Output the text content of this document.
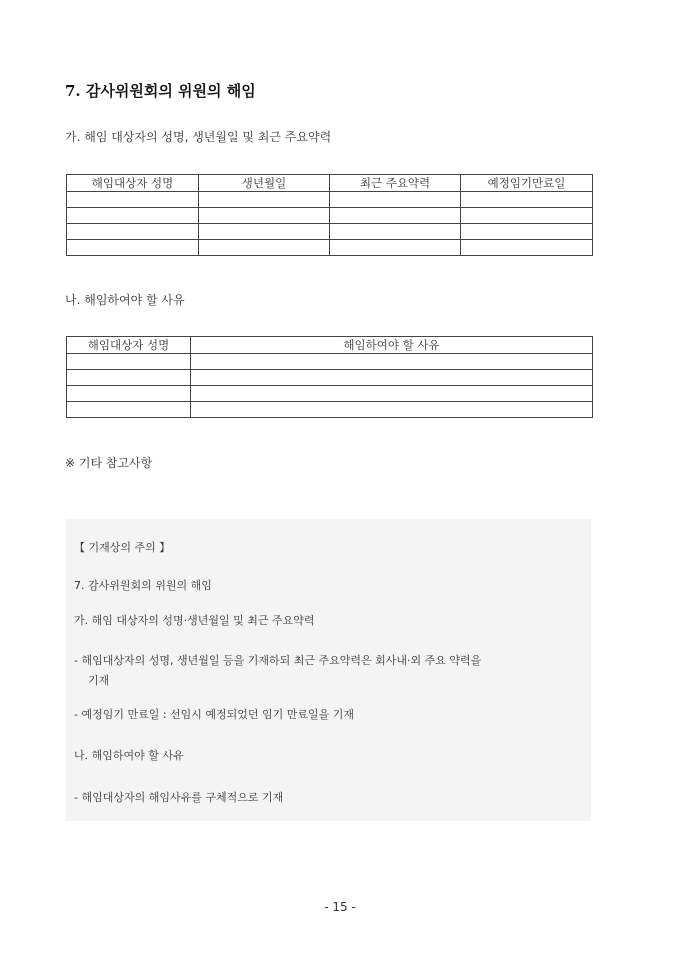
7. 감사위원회의 위원의 해임
가. 해임 대상자의 성명, 생년월일 및 최근 주요약력
해임대상자 성명	생년월일	최근 주요약력	예정임기만료일

나. 해임하여야 할 사유
해임대상자 성명	해임하여야 할 사유

※ 기타 참고사항
【 기재상의 주의 】
7. 감사위원회의 위원의 해임
가. 해임 대상자의 성명·생년월일 및 최근 주요약력
- 해임대상자의 성명, 생년월일 등을 기재하되 최근 주요약력은 회사내·외 주요 약력을
기재
- 예정임기 만료일 : 선임시 예정되었던 임기 만료일을 기재
나. 해임하여야 할 사유
- 해임대상자의 해임사유를 구체적으로 기재
- 15 -
